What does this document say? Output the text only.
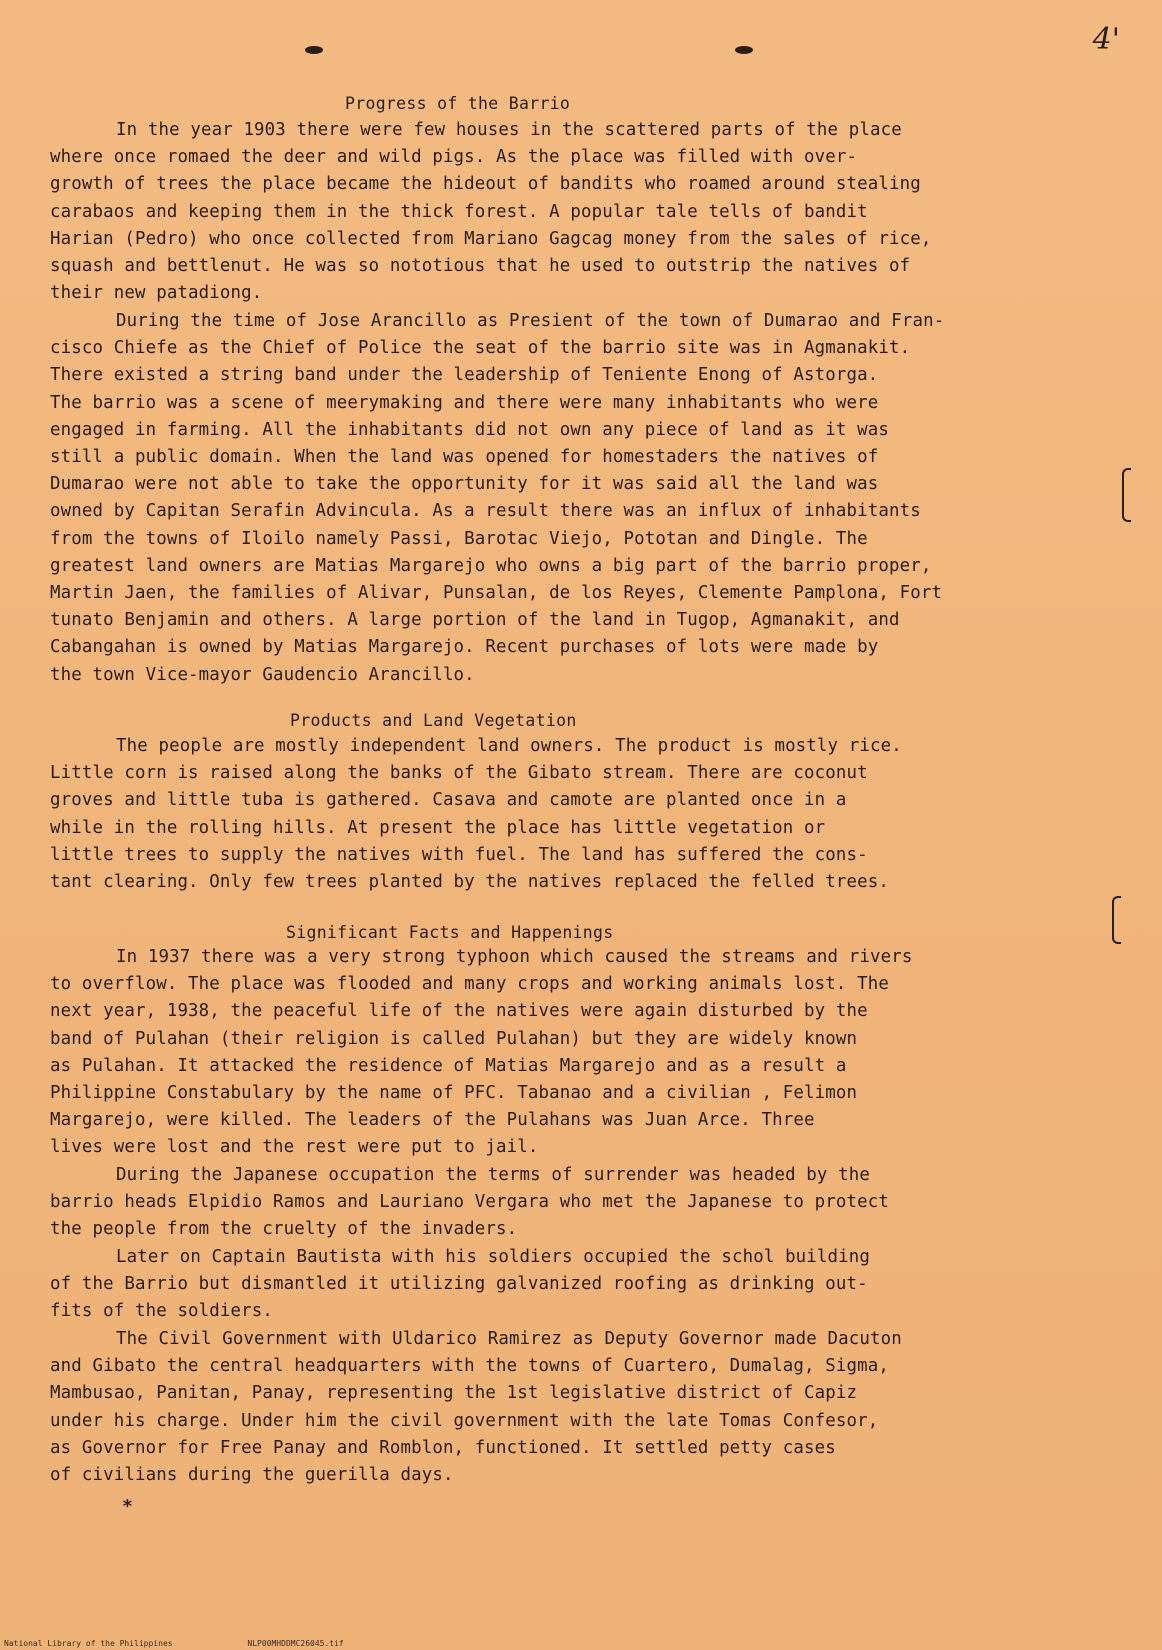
4'
Progress of the Barrio
In the year 1903 there were few houses in the scattered parts of the place
where once romaed the deer and wild pigs. As the place was filled with over-
growth of trees the place became the hideout of bandits who roamed around stealing
carabaos and keeping them in the thick forest. A popular tale tells of bandit
Harian (Pedro) who once collected from Mariano Gagcag money from the sales of rice,
squash and bettlenut. He was so nototious that he used to outstrip the natives of
their new patadiong.
During the time of Jose Arancillo as Presient of the town of Dumarao and Fran-
cisco Chiefe as the Chief of Police the seat of the barrio site was in Agmanakit.
There existed a string band under the leadership of Teniente Enong of Astorga.
The barrio was a scene of meerymaking and there were many inhabitants who were
engaged in farming. All the inhabitants did not own any piece of land as it was
still a public domain. When the land was opened for homestaders the natives of
Dumarao were not able to take the opportunity for it was said all the land was
owned by Capitan Serafin Advincula. As a result there was an influx of inhabitants
from the towns of Iloilo namely Passi, Barotac Viejo, Pototan and Dingle. The
greatest land owners are Matias Margarejo who owns a big part of the barrio proper,
Martin Jaen, the families of Alivar, Punsalan, de los Reyes, Clemente Pamplona, Fort
tunato Benjamin and others. A large portion of the land in Tugop, Agmanakit, and
Cabangahan is owned by Matias Margarejo. Recent purchases of lots were made by
the town Vice-mayor Gaudencio Arancillo.
Products and Land Vegetation
The people are mostly independent land owners. The product is mostly rice.
Little corn is raised along the banks of the Gibato stream. There are coconut
groves and little tuba is gathered. Casava and camote are planted once in a
while in the rolling hills. At present the place has little vegetation or
little trees to supply the natives with fuel. The land has suffered the cons-
tant clearing. Only few trees planted by the natives replaced the felled trees.
Significant Facts and Happenings
In 1937 there was a very strong typhoon which caused the streams and rivers
to overflow. The place was flooded and many crops and working animals lost. The
next year, 1938, the peaceful life of the natives were again disturbed by the
band of Pulahan (their religion is called Pulahan) but they are widely known
as Pulahan. It attacked the residence of Matias Margarejo and as a result a
Philippine Constabulary by the name of PFC. Tabanao and a civilian , Felimon
Margarejo, were killed. The leaders of the Pulahans was Juan Arce. Three
lives were lost and the rest were put to jail.
During the Japanese occupation the terms of surrender was headed by the
barrio heads Elpidio Ramos and Lauriano Vergara who met the Japanese to protect
the people from the cruelty of the invaders.
Later on Captain Bautista with his soldiers occupied the schol building
of the Barrio but dismantled it utilizing galvanized roofing as drinking out-
fits of the soldiers.
The Civil Government with Uldarico Ramirez as Deputy Governor made Dacuton
and Gibato the central headquarters with the towns of Cuartero, Dumalag, Sigma,
Mambusao, Panitan, Panay, representing the 1st legislative district of Capiz
under his charge. Under him the civil government with the late Tomas Confesor,
as Governor for Free Panay and Romblon, functioned. It settled petty cases
of civilians during the guerilla days.
*
National Library of the Philippines	NLP00MHDDMC26045.tif
